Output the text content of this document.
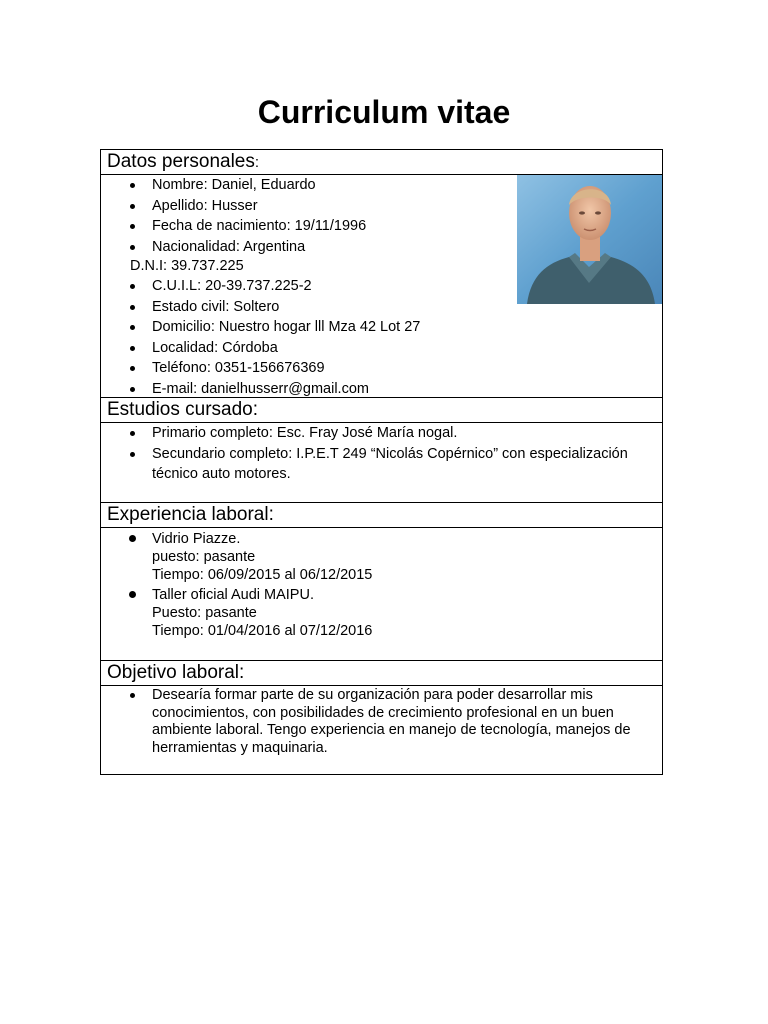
Curriculum vitae
Datos personales:
Nombre: Daniel, Eduardo
Apellido: Husser
Fecha de nacimiento: 19/11/1996
Nacionalidad: Argentina
D.N.I: 39.737.225
C.U.I.L: 20-39.737.225-2
Estado civil: Soltero
Domicilio: Nuestro hogar lll Mza 42 Lot 27
Localidad: Córdoba
Teléfono: 0351-156676369
E-mail: danielhusserr@gmail.com
Estudios cursado:
Primario completo: Esc. Fray José María nogal.
Secundario completo: I.P.E.T 249 “Nicolás Copérnico” con especialización técnico auto motores.
Experiencia laboral:
Vidrio Piazze.
puesto: pasante
Tiempo: 06/09/2015 al 06/12/2015
Taller oficial Audi MAIPU.
Puesto: pasante
Tiempo: 01/04/2016 al 07/12/2016
Objetivo laboral:
Desearía formar parte de su organización para poder desarrollar mis conocimientos, con posibilidades de crecimiento profesional en un buen ambiente laboral. Tengo experiencia en manejo de tecnología, manejos de herramientas y maquinaria.
